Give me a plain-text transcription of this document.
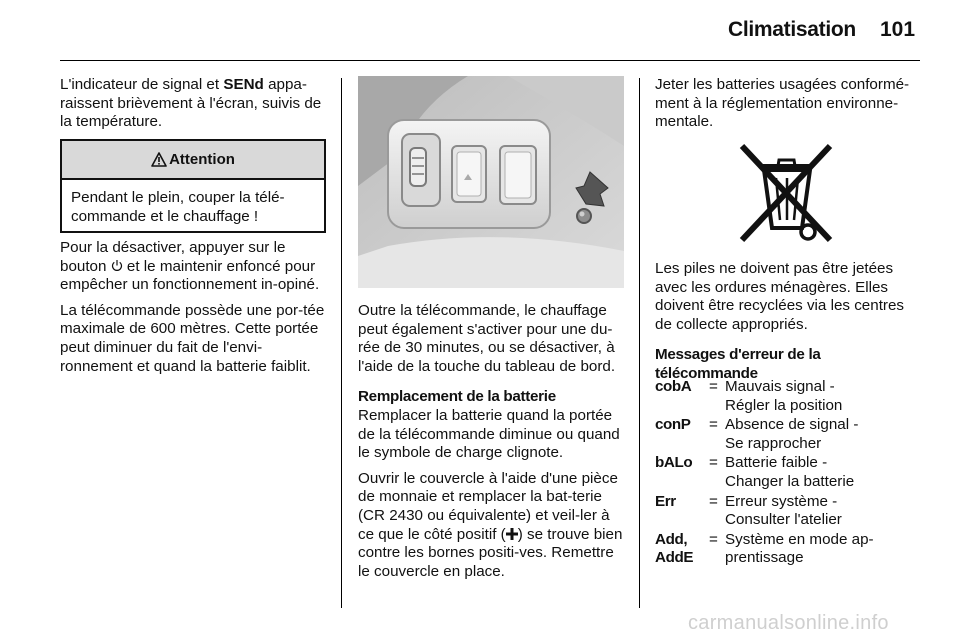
Climatisation 101

L'indicateur de signal et SENd appa-raissent brièvement à l'écran, suivis de la température.

Attention
Pendant le plein, couper la télé-commande et le chauffage !

Pour la désactiver, appuyer sur le bouton  et le maintenir enfoncé pour empêcher un fonctionnement in-opiné.

La télécommande possède une por-tée maximale de 600 mètres. Cette portée peut diminuer du fait de l'envi-ronnement et quand la batterie faiblit.

Outre la télécommande, le chauffage peut également s'activer pour une du-rée de 30 minutes, ou se désactiver, à l'aide de la touche du tableau de bord.

Remplacement de la batterie

Remplacer la batterie quand la portée de la télécommande diminue ou quand le symbole de charge clignote.

Ouvrir le couvercle à l'aide d'une pièce de monnaie et remplacer la bat-terie (CR 2430 ou équivalente) et veil-ler à ce que le côté positif ( ) se trouve bien contre les bornes positi-ves. Remettre le couvercle en place.

Jeter les batteries usagées conformé-ment à la réglementation environne-mentale.

Les piles ne doivent pas être jetées avec les ordures ménagères. Elles doivent être recyclées via les centres de collecte appropriés.

Messages d'erreur de la télécommande
cobA	= Mauvais signal -
Régler la position
conP	= Absence de signal -
Se rapprocher
bALo	= Batterie faible -
Changer la batterie
Err	= Erreur système -
Consulter l'atelier
Add, AddE
= Système en mode ap-
prentissage
carmanualsonline.info
